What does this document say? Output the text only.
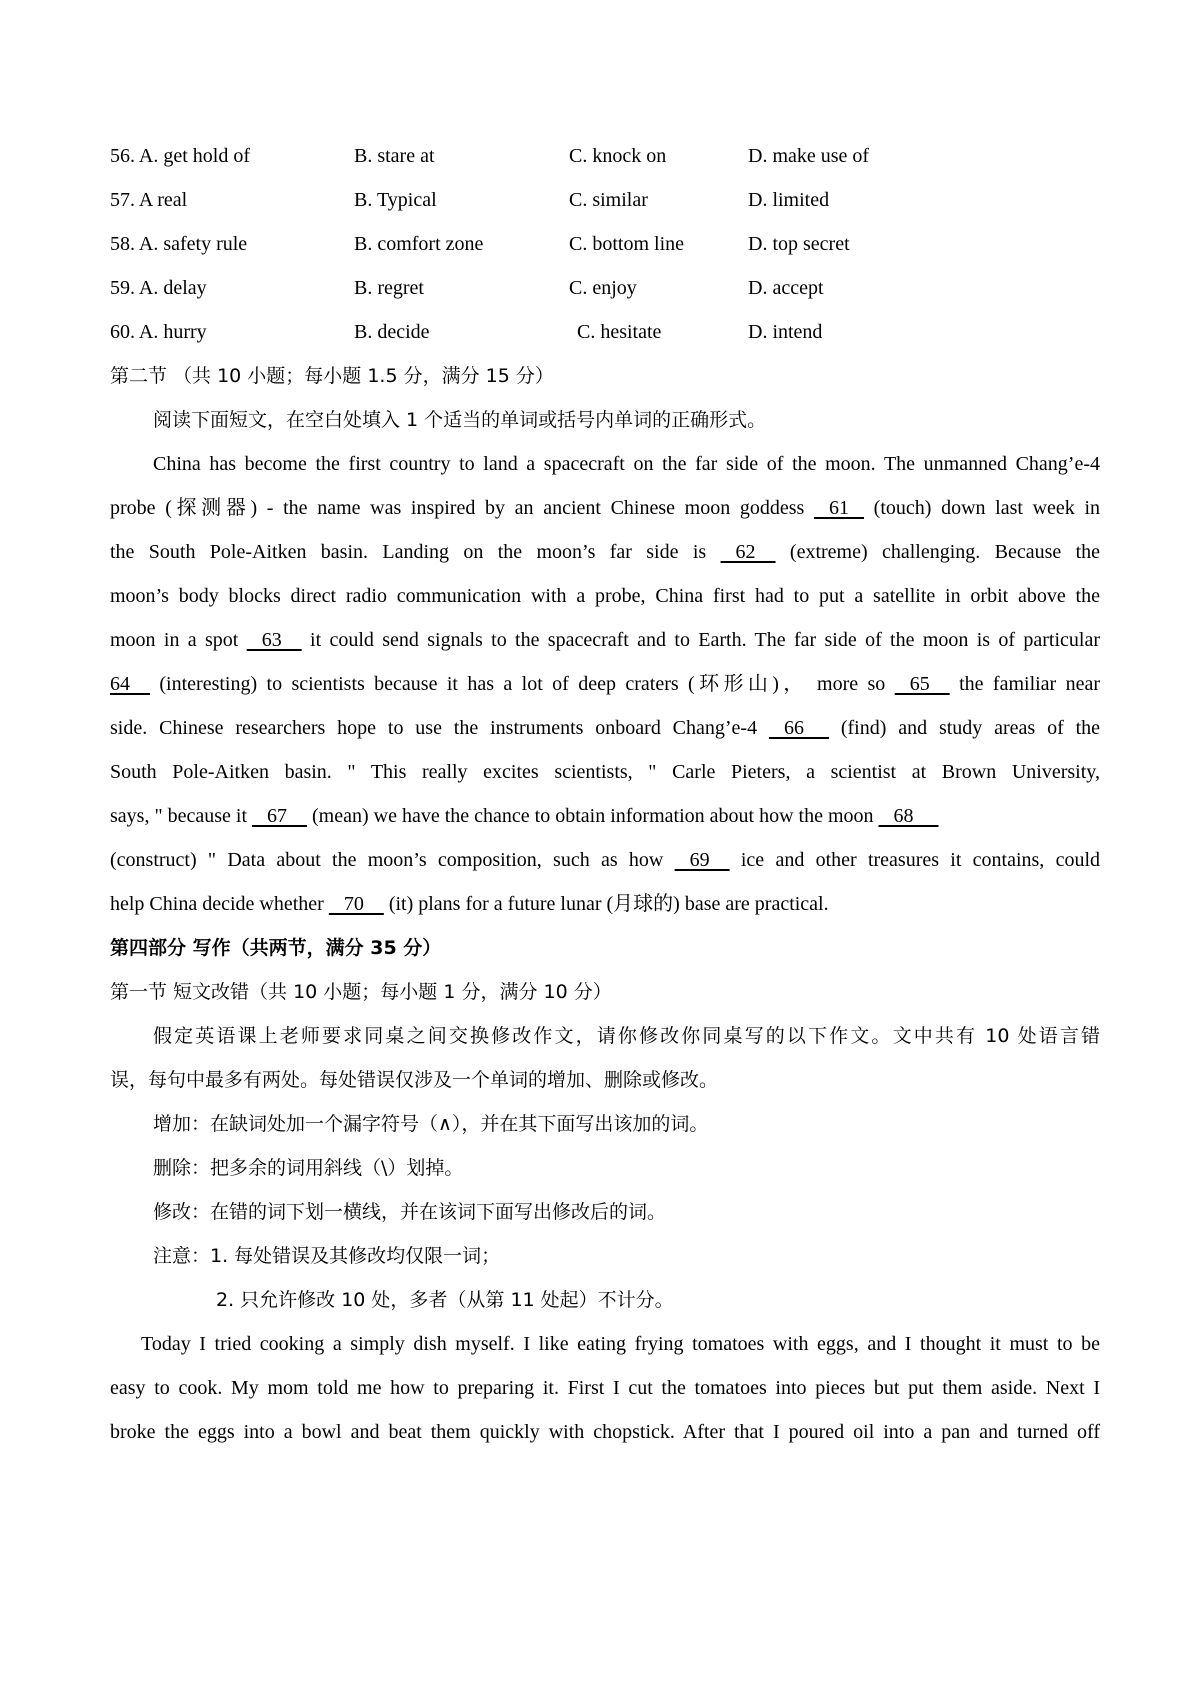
56. A. get hold of	B. stare at	C. knock on	D. make use of
57. A real	B. Typical	C. similar	D. limited
58. A. safety rule	B. comfort zone	C. bottom line	D. top secret
59. A. delay	B. regret	C. enjoy	D. accept
60. A. hurry	B. decide	C. hesitate	D. intend
第二节 （共 10 小题；每小题 1.5 分，满分 15 分）
阅读下面短文，在空白处填入 1 个适当的单词或括号内单词的正确形式。
China has become the first country to land a spacecraft on the far side of the moon. The unmanned Chang’e-4
probe (探测器) - the name was inspired by an ancient Chinese moon goddess    61    (touch) down last week in
the South Pole-Aitken basin. Landing on the moon’s far side is    62     (extreme) challenging. Because the
moon’s body blocks direct radio communication with a probe, China first had to put a satellite in orbit above the
moon in a spot    63     it could send signals to the spacecraft and to Earth. The far side of the moon is of particular
64     (interesting) to scientists because it has a lot of deep craters (环形山)， more so    65     the familiar near
side. Chinese researchers hope to use the instruments onboard Chang’e-4    66      (find) and study areas of the
South Pole-Aitken basin. " This really excites scientists, " Carle Pieters, a scientist at Brown University,
says, " because it    67     (mean) we have the chance to obtain information about how the moon    68
(construct) " Data about the moon’s composition, such as how    69     ice and other treasures it contains, could
help China decide whether    70     (it) plans for a future lunar (月球的) base are practical.
第四部分 写作（共两节，满分 35 分）
第一节 短文改错（共 10 小题；每小题 1 分，满分 10 分）
假定英语课上老师要求同桌之间交换修改作文，请你修改你同桌写的以下作文。文中共有 10 处语言错
误，每句中最多有两处。每处错误仅涉及一个单词的增加、删除或修改。
增加：在缺词处加一个漏字符号（∧），并在其下面写出该加的词。
删除：把多余的词用斜线（\）划掉。
修改：在错的词下划一横线，并在该词下面写出修改后的词。
注意：1. 每处错误及其修改均仅限一词；
2. 只允许修改 10 处，多者（从第 11 处起）不计分。
Today I tried cooking a simply dish myself. I like eating frying tomatoes with eggs, and I thought it must to be
easy to cook. My mom told me how to preparing it. First I cut the tomatoes into pieces but put them aside. Next I
broke the eggs into a bowl and beat them quickly with chopstick. After that I poured oil into a pan and turned off
